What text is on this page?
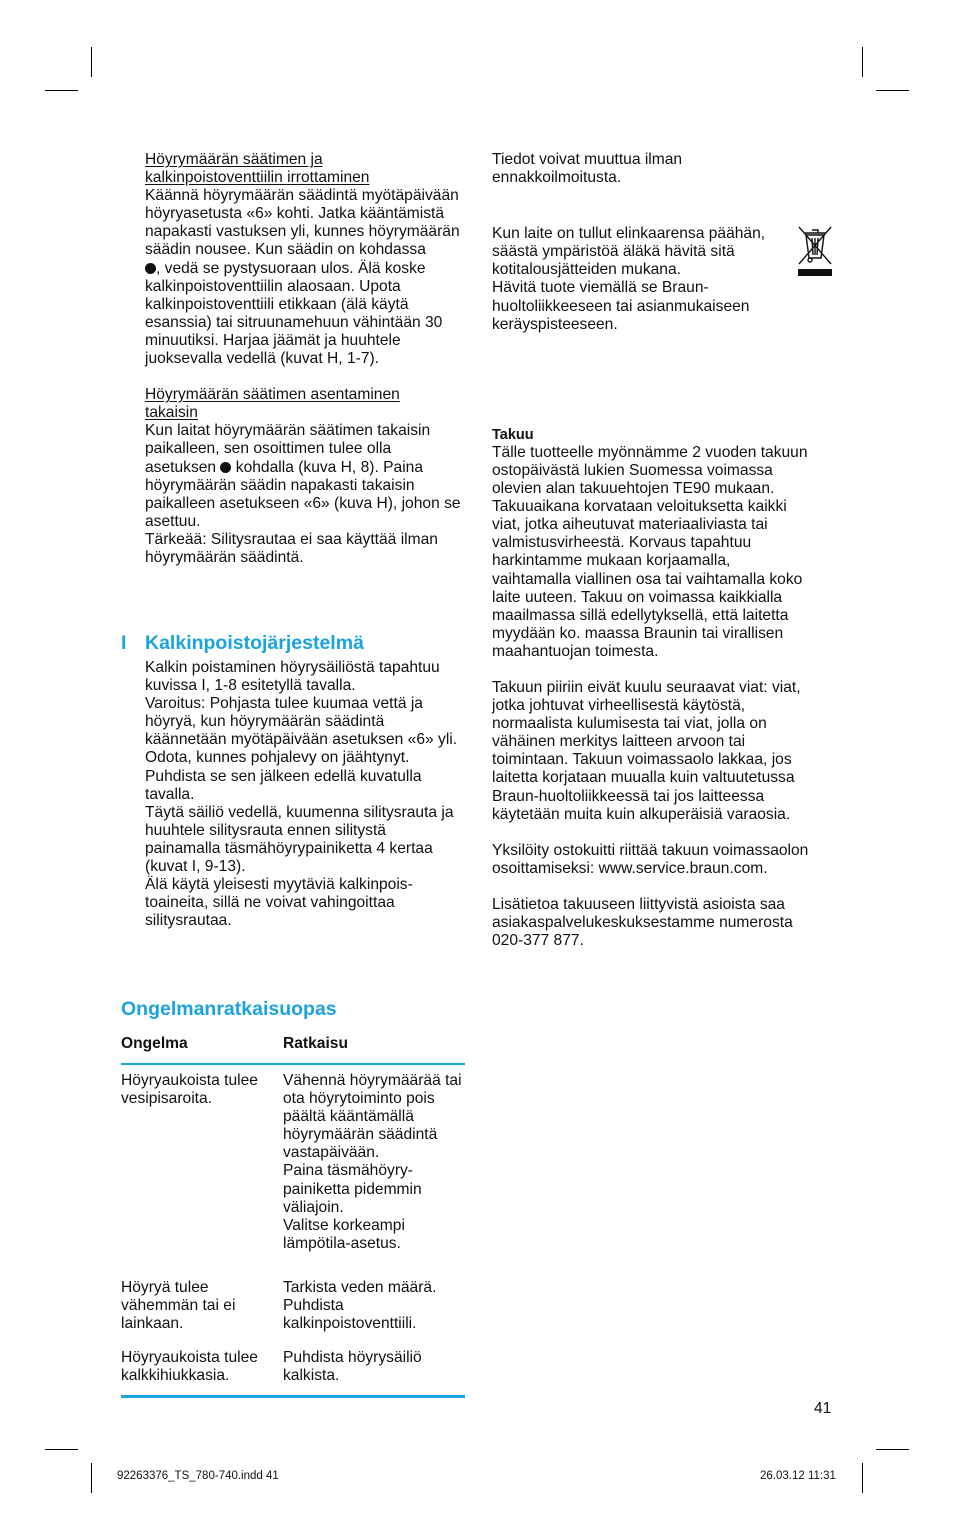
Höyrymäärän säätimen ja
kalkinpoistoventtiilin irrottaminen

Käännä höyrymäärän säädintä myötäpäivään höyryasetusta «6» kohti. Jatka kääntämistä napakasti vastuksen yli, kunnes höyrymäärän säädin nousee. Kun säädin on kohdassa
, vedä se pystysuoraan ulos. Älä koske kalkinpoistoventtiilin alaosaan. Upota kalkinpoistoventtiili etikkaan (älä käytä esanssia) tai sitruunamehuun vähintään 30 minuutiksi. Harjaa jäämät ja huuhtele juoksevalla vedellä (kuvat H, 1-7).

Höyrymäärän säätimen asentaminen
takaisin

Kun laitat höyrymäärän säätimen takaisin paikalleen, sen osoittimen tulee olla asetuksen kohdalla (kuva H, 8). Paina höyrymäärän säädin napakasti takaisin paikalleen asetukseen «6» (kuva H), johon se asettuu.

Tärkeää: Silitysrautaa ei saa käyttää ilman höyrymäärän säädintä.

I Kalkinpoistojärjestelmä

Kalkin poistaminen höyrysäiliöstä tapahtuu kuvissa I, 1-8 esitetyllä tavalla.

Varoitus: Pohjasta tulee kuumaa vettä ja höyryä, kun höyrymäärän säädintä käännetään myötäpäivään asetuksen «6» yli.

Odota, kunnes pohjalevy on jäähtynyt. Puhdista se sen jälkeen edellä kuvatulla tavalla.

Täytä säiliö vedellä, kuumenna silitysrauta ja huuhtele silitysrauta ennen silitystä painamalla täsmähöyrypainiketta 4 kertaa (kuvat I, 9-13).

Älä käytä yleisesti myytäviä kalkinpois-toaineita, sillä ne voivat vahingoittaa silitysrautaa.

Ongelmanratkaisuopas
Ongelma	Ratkaisu
Höyryaukoista tulee vesipisaroita.
Vähennä höyrymäärää tai ota höyrytoiminto pois päältä kääntämällä höyrymäärän säädintä vastapäivään.
Paina täsmähöyry-painiketta pidemmin väliajoin.
Valitse korkeampi lämpötila-asetus.
Höyryä tulee vähemmän tai ei lainkaan.
Tarkista veden määrä.
Puhdista kalkinpoistoventtiili.
Höyryaukoista tulee kalkkihiukkasia.
Puhdista höyrysäiliö kalkista.

Tiedot voivat muuttua ilman ennakkoilmoitusta.

Kun laite on tullut elinkaarensa päähän, säästä ympäristöä äläkä hävitä sitä kotitalousjätteiden mukana.
Hävitä tuote viemällä se Braun-huoltoliikkeeseen tai asianmukaiseen keräyspisteeseen.

Takuu

Tälle tuotteelle myönnämme 2 vuoden takuun ostopäivästä lukien Suomessa voimassa olevien alan takuuehtojen TE90 mukaan. Takuuaikana korvataan veloituksetta kaikki viat, jotka aiheutuvat materiaaliviasta tai valmistusvirheestä. Korvaus tapahtuu harkintamme mukaan korjaamalla, vaihtamalla viallinen osa tai vaihtamalla koko laite uuteen. Takuu on voimassa kaikkialla maailmassa sillä edellytyksellä, että laitetta myydään ko. maassa Braunin tai virallisen maahantuojan toimesta.

Takuun piiriin eivät kuulu seuraavat viat: viat, jotka johtuvat virheellisestä käytöstä, normaalista kulumisesta tai viat, jolla on vähäinen merkitys laitteen arvoon tai toimintaan. Takuun voimassaolo lakkaa, jos laitetta korjataan muualla kuin valtuutetussa Braun-huoltoliikkeessä tai jos laitteessa käytetään muita kuin alkuperäisiä varaosia.

Yksilöity ostokuitti riittää takuun voimassaolon osoittamiseksi: www.service.braun.com.

Lisätietoa takuuseen liittyvistä asioista saa asiakaspalvelukeskuksestamme numerosta 020-377 877.

41
92263376_TS_780-740.indd 41	26.03.12 11:31
